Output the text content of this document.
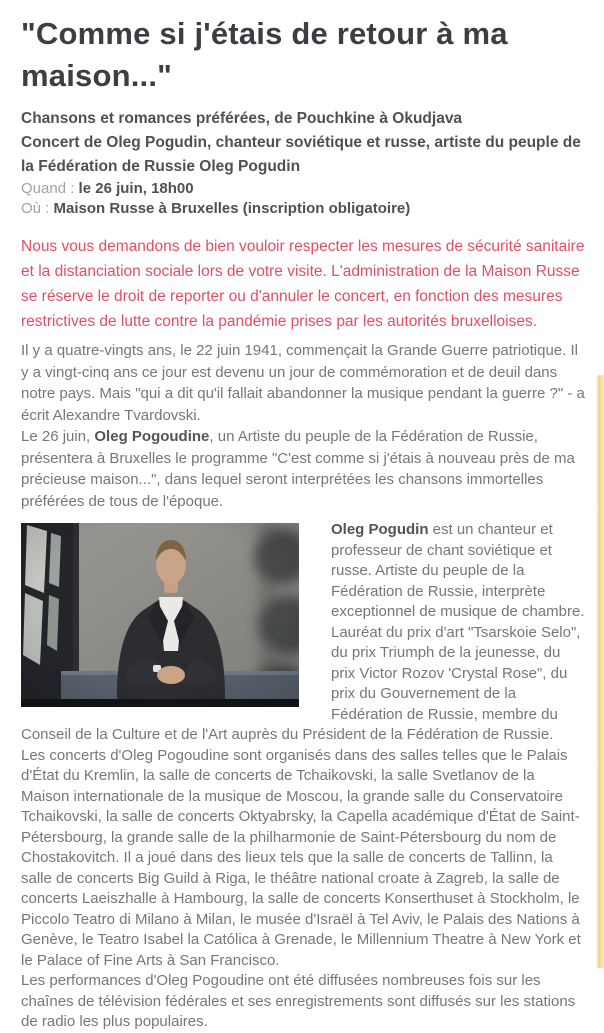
"Comme si j'étais de retour à ma maison..."

Chansons et romances préférées, de Pouchkine à Okudjava

Concert de Oleg Pogudin, chanteur soviétique et russe, artiste du peuple de la Fédération de Russie Oleg Pogudin

Quand : le 26 juin, 18h00

Où : Maison Russe à Bruxelles (inscription obligatoire)

Nous vous demandons de bien vouloir respecter les mesures de sécurité sanitaire et la distanciation sociale lors de votre visite. L'administration de la Maison Russe se réserve le droit de reporter ou d'annuler le concert, en fonction des mesures restrictives de lutte contre la pandémie prises par les autorités bruxelloises.

Il y a quatre-vingts ans, le 22 juin 1941, commençait la Grande Guerre patriotique. Il y a vingt-cinq ans ce jour est devenu un jour de commémoration et de deuil dans notre pays. Mais "qui a dit qu'il fallait abandonner la musique pendant la guerre ?" - a écrit Alexandre Tvardovski.
Le 26 juin, Oleg Pogoudine, un Artiste du peuple de la Fédération de Russie, présentera à Bruxelles le programme "C'est comme si j'étais à nouveau près de ma précieuse maison...", dans lequel seront interprétées les chansons immortelles préférées de tous de l'époque.

Oleg Pogudin est un chanteur et professeur de chant soviétique et russe. Artiste du peuple de la Fédération de Russie, interprète exceptionnel de musique de chambre. Lauréat du prix d'art "Tsarskoie Selo", du prix Triumph de la jeunesse, du prix Victor Rozov 'Crystal Rose", du prix du Gouvernement de la Fédération de Russie, membre du Conseil de la Culture et de l'Art auprès du Président de la Fédération de Russie.

Les concerts d'Oleg Pogoudine sont organisés dans des salles telles que le Palais d'État du Kremlin, la salle de concerts de Tchaikovski, la salle Svetlanov de la Maison internationale de la musique de Moscou, la grande salle du Conservatoire Tchaikovski, la salle de concerts Oktyabrsky, la Capella académique d'État de Saint-Pétersbourg, la grande salle de la philharmonie de Saint-Pétersbourg du nom de Chostakovitch. Il a joué dans des lieux tels que la salle de concerts de Tallinn, la salle de concerts Big Guild à Riga, le théâtre national croate à Zagreb, la salle de concerts Laeiszhalle à Hambourg, la salle de concerts Konserthuset à Stockholm, le Piccolo Teatro di Milano à Milan, le musée d'Israël à Tel Aviv, le Palais des Nations à Genève, le Teatro Isabel la Católica à Grenade, le Millennium Theatre à New York et le Palace of Fine Arts à San Francisco.

Les performances d'Oleg Pogoudine ont été diffusées nombreuses fois sur les chaînes de télévision fédérales et ses enregistrements sont diffusés sur les stations de radio les plus populaires.
